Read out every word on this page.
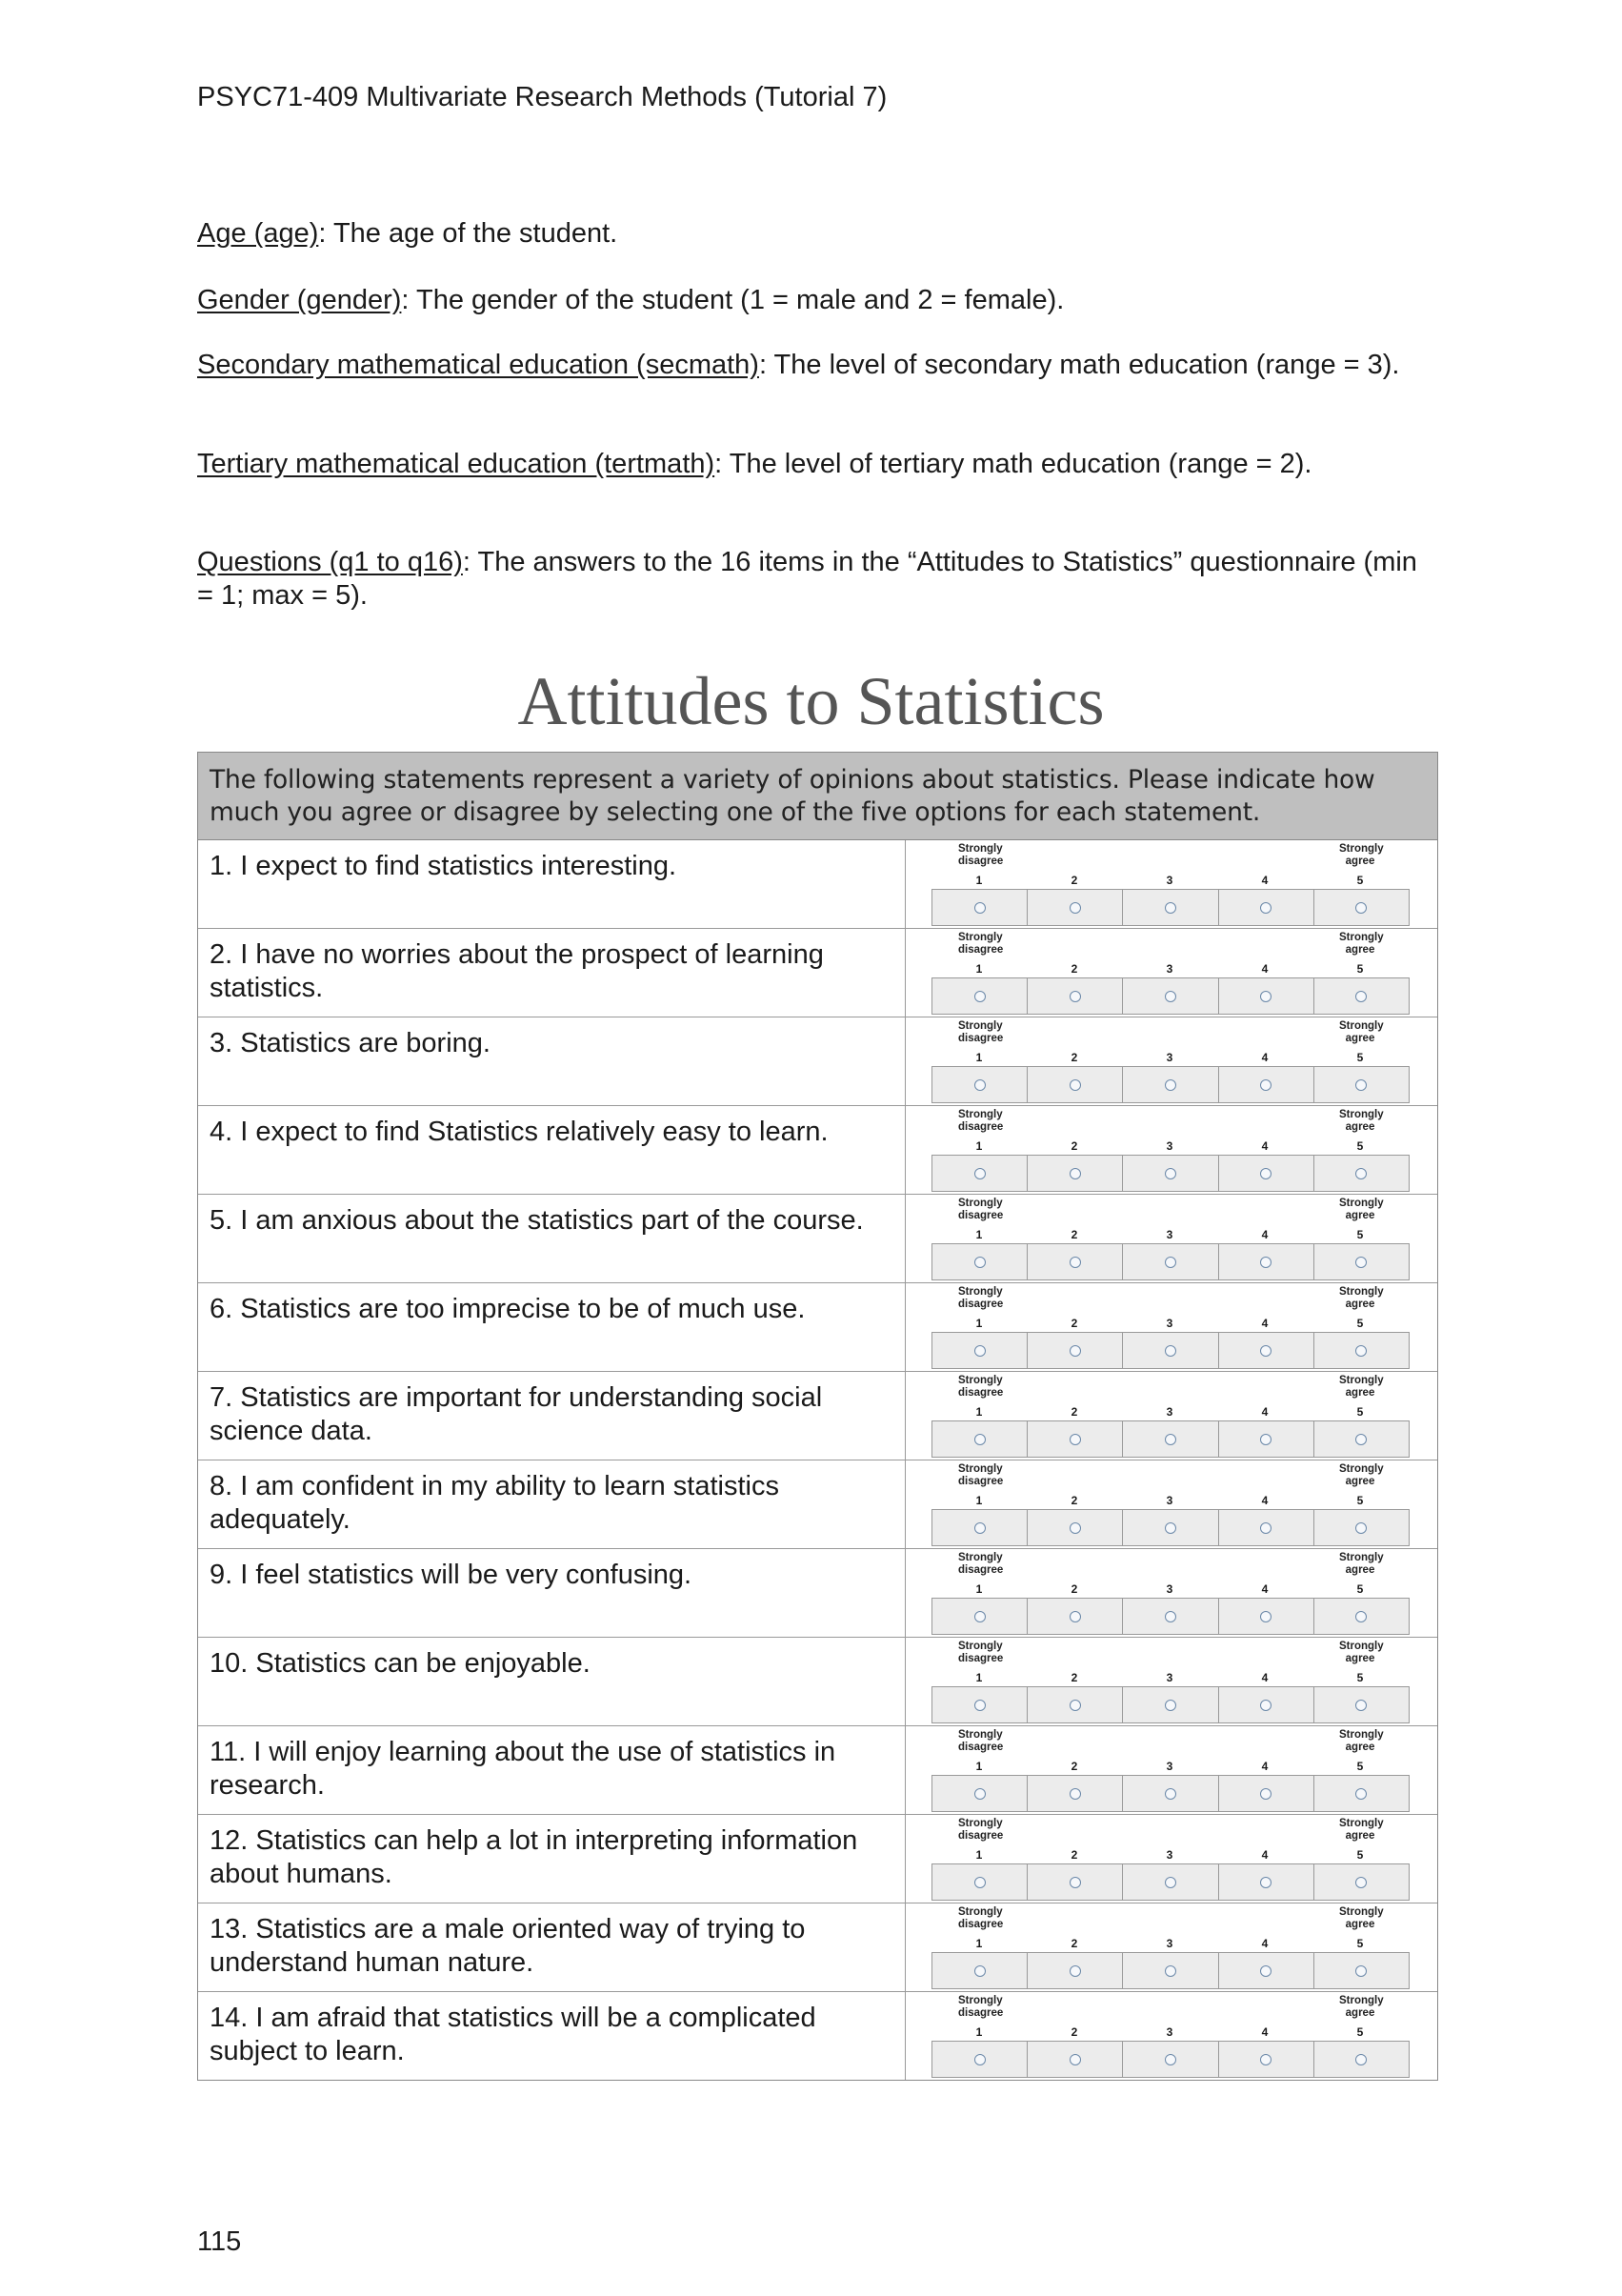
PSYC71-409 Multivariate Research Methods (Tutorial 7)
Age (age): The age of the student.
Gender (gender): The gender of the student (1 = male and 2 = female).
Secondary mathematical education (secmath): The level of secondary math education (range = 3).
Tertiary mathematical education (tertmath): The level of tertiary math education (range = 2).
Questions (q1 to q16): The answers to the 16 items in the “Attitudes to Statistics” questionnaire (min = 1; max = 5).
Attitudes to Statistics
The following statements represent a variety of opinions about statistics. Please indicate how much you agree or disagree by selecting one of the five options for each statement.
1. I expect to find statistics interesting.
Strongly disagree
Strongly agree
1	2	3	4	5
2. I have no worries about the prospect of learning statistics.
Strongly disagree
Strongly agree
1	2	3	4	5
3. Statistics are boring.
Strongly disagree
Strongly agree
1	2	3	4	5
4. I expect to find Statistics relatively easy to learn.
Strongly disagree
Strongly agree
1	2	3	4	5
5. I am anxious about the statistics part of the course.
Strongly disagree
Strongly agree
1	2	3	4	5
6. Statistics are too imprecise to be of much use.
Strongly disagree
Strongly agree
1	2	3	4	5
7. Statistics are important for understanding social science data.
Strongly disagree
Strongly agree
1	2	3	4	5
8. I am confident in my ability to learn statistics adequately.
Strongly disagree
Strongly agree
1	2	3	4	5
9. I feel statistics will be very confusing.
Strongly disagree
Strongly agree
1	2	3	4	5
10. Statistics can be enjoyable.
Strongly disagree
Strongly agree
1	2	3	4	5
11. I will enjoy learning about the use of statistics in research.
Strongly disagree
Strongly agree
1	2	3	4	5
12. Statistics can help a lot in interpreting information about humans.
Strongly disagree
Strongly agree
1	2	3	4	5
13. Statistics are a male oriented way of trying to understand human nature.
Strongly disagree
Strongly agree
1	2	3	4	5
14. I am afraid that statistics will be a complicated subject to learn.
Strongly disagree
Strongly agree
1	2	3	4	5
115
